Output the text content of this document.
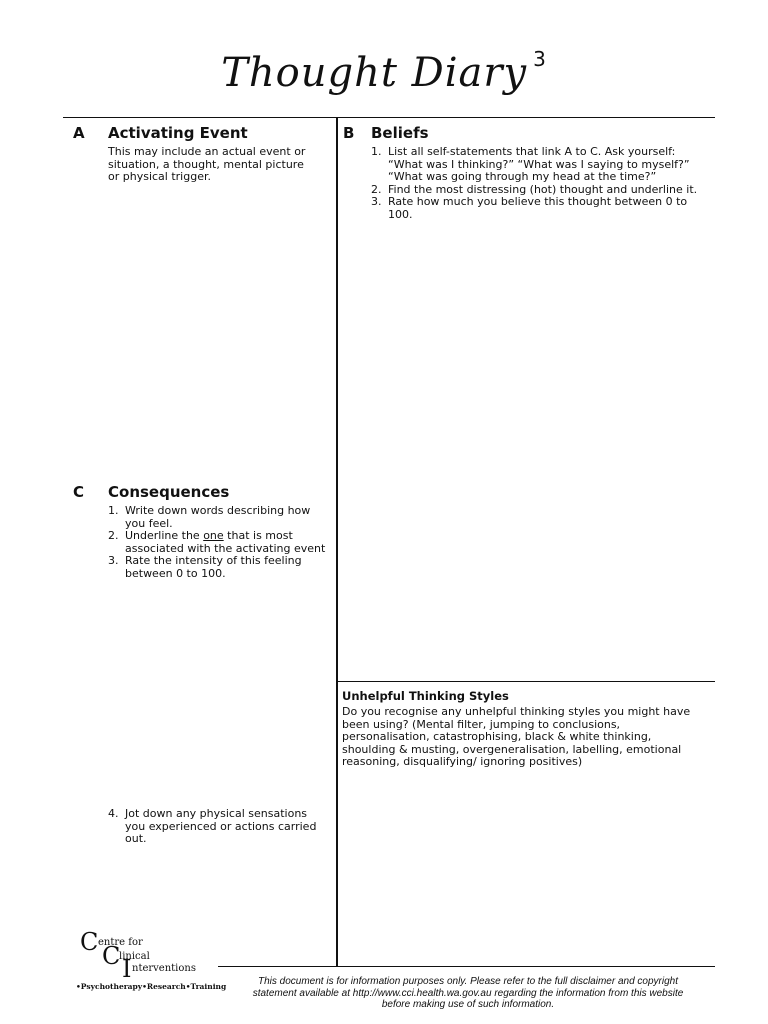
Thought Diary $^3$
A Activating Event
This may include an actual event or situation, a thought, mental picture or physical trigger.
B Beliefs
1. List all self-statements that link A to C. Ask yourself: “What was I thinking?” “What was I saying to myself?” “What was going through my head at the time?”
2. Find the most distressing (hot) thought and underline it.
3. Rate how much you believe this thought between 0 to 100.
C Consequences
1. Write down words describing how you feel.
2. Underline the one that is most associated with the activating event
3. Rate the intensity of this feeling between 0 to 100.
4. Jot down any physical sensations you experienced or actions carried out.
Unhelpful Thinking Styles
Do you recognise any unhelpful thinking styles you might have been using? (Mental filter, jumping to conclusions, personalisation, catastrophising, black & white thinking, shoulding & musting, overgeneralisation, labelling, emotional reasoning, disqualifying/ ignoring positives)
C entre for
C
linical
I nterventions
•Psychotherapy•Research•Training	This document is for information purposes only. Please refer to the full disclaimer and copyright
statement available at http://www.cci.health.wa.gov.au regarding the information from this website
before making use of such information.
